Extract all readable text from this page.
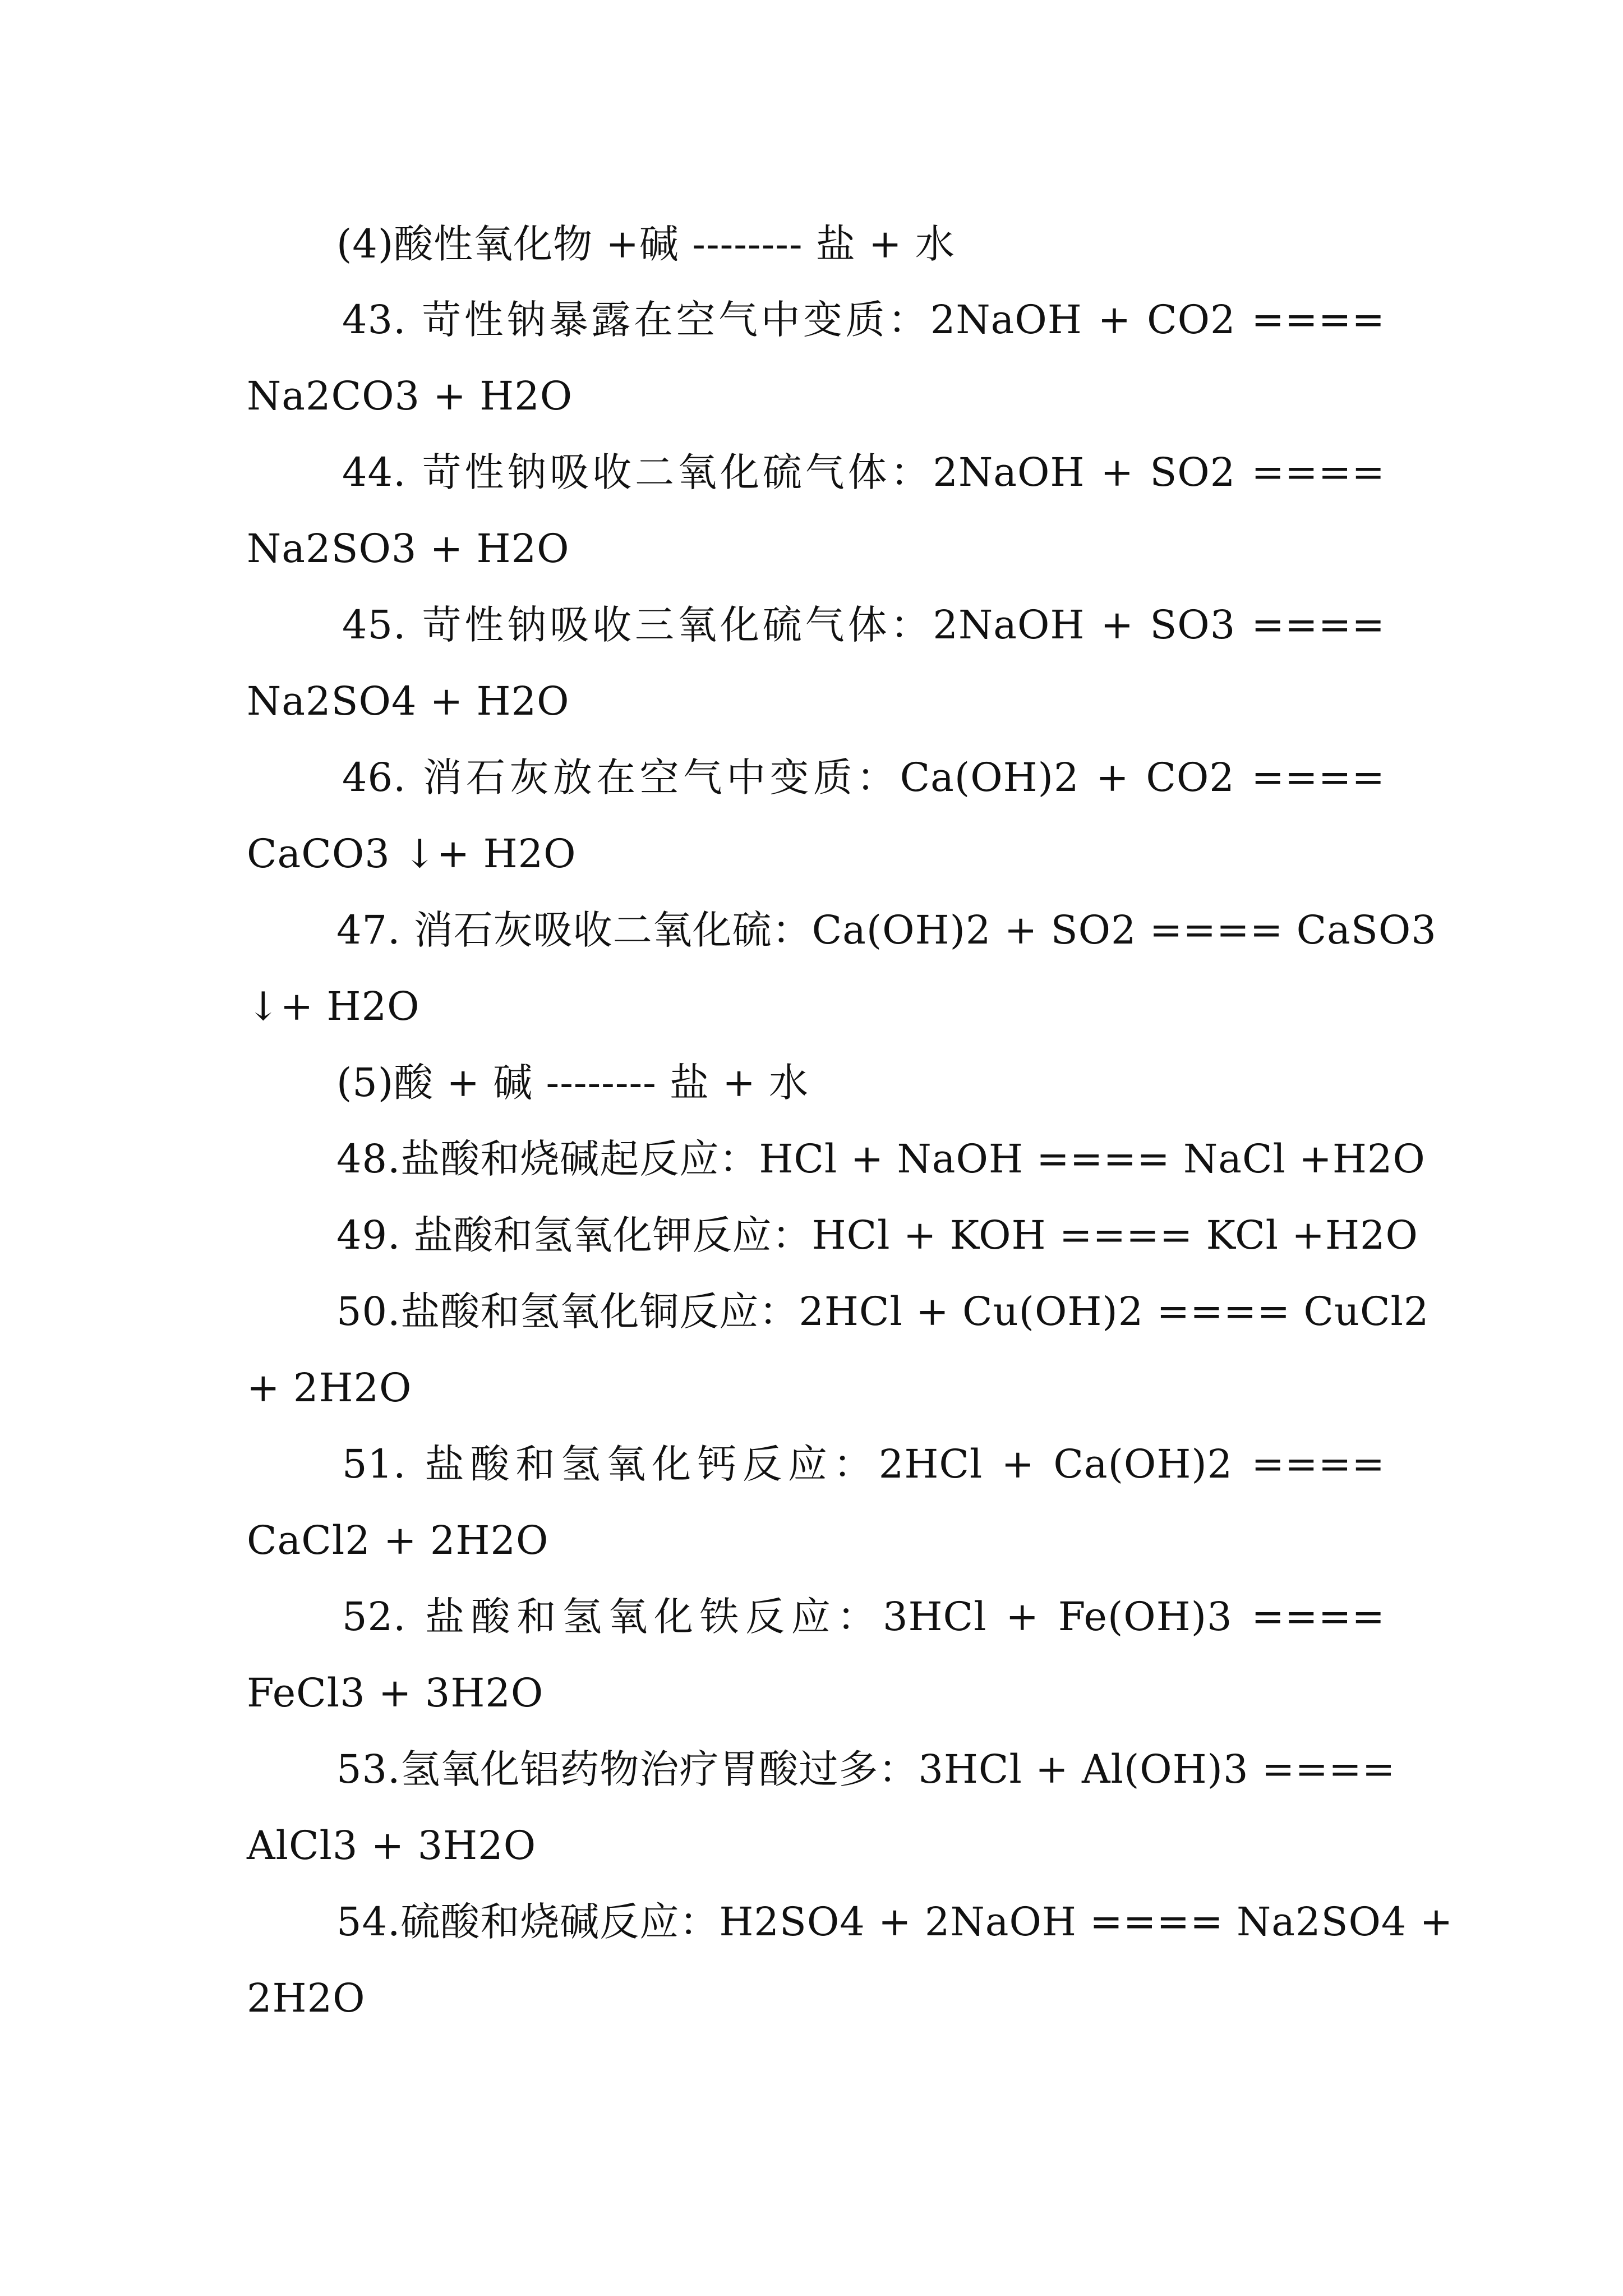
(4)酸性氧化物 +碱 -------- 盐 + 水
43. 苛性钠暴露在空气中变质：2NaOH + CO2 ====
Na2CO3 + H2O
44. 苛性钠吸收二氧化硫气体：2NaOH + SO2 ====
Na2SO3 + H2O
45. 苛性钠吸收三氧化硫气体：2NaOH + SO3 ====
Na2SO4 + H2O
46. 消石灰放在空气中变质：Ca(OH)2 + CO2 ====
CaCO3 ↓+ H2O
47. 消石灰吸收二氧化硫：Ca(OH)2 + SO2 ==== CaSO3
↓+ H2O
(5)酸 + 碱 -------- 盐 + 水
48.盐酸和烧碱起反应：HCl + NaOH ==== NaCl +H2O
49. 盐酸和氢氧化钾反应：HCl + KOH ==== KCl +H2O
50.盐酸和氢氧化铜反应：2HCl + Cu(OH)2 ==== CuCl2
+ 2H2O
51. 盐酸和氢氧化钙反应：2HCl + Ca(OH)2 ====
CaCl2 + 2H2O
52. 盐酸和氢氧化铁反应：3HCl + Fe(OH)3 ====
FeCl3 + 3H2O
53.氢氧化铝药物治疗胃酸过多：3HCl + Al(OH)3 ====
AlCl3 + 3H2O
54.硫酸和烧碱反应：H2SO4 + 2NaOH ==== Na2SO4 +
2H2O
